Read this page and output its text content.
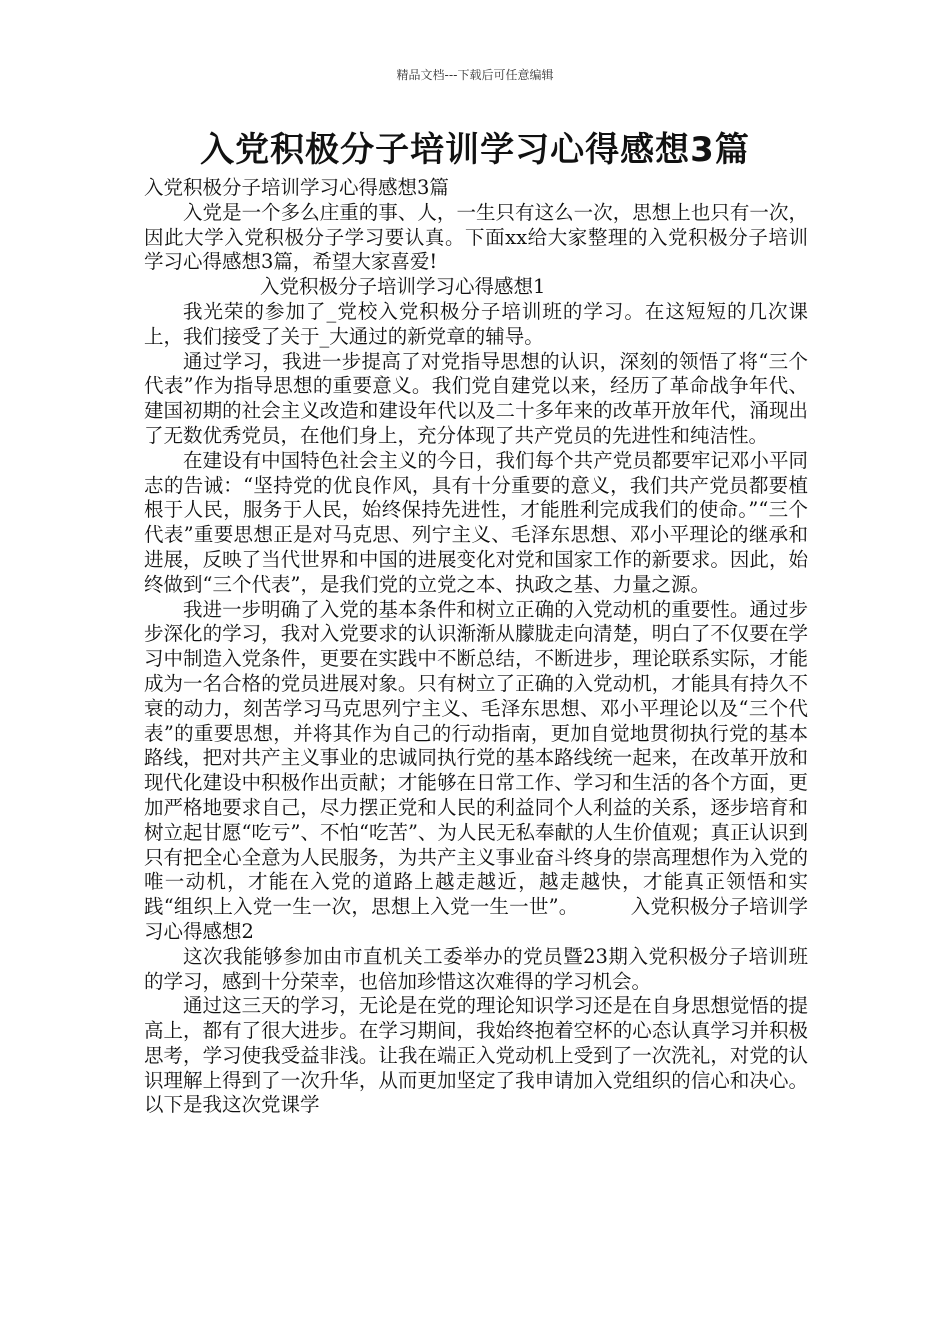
精品文档---下载后可任意编辑
入党积极分子培训学习心得感想3篇

入党积极分子培训学习心得感想3篇

入党是一个多么庄重的事、人，一生只有这么一次，思想上也只有一次，因此大学入党积极分子学习要认真。下面xx给大家整理的入党积极分子培训学习心得感想3篇，希望大家喜爱!

入党积极分子培训学习心得感想1

我光荣的参加了_党校入党积极分子培训班的学习。在这短短的几次课上，我们接受了关于_大通过的新党章的辅导。

通过学习，我进一步提高了对党指导思想的认识，深刻的领悟了将“三个代表”作为指导思想的重要意义。我们党自建党以来，经历了革命战争年代、建国初期的社会主义改造和建设年代以及二十多年来的改革开放年代，涌现出了无数优秀党员，在他们身上，充分体现了共产党员的先进性和纯洁性。

在建设有中国特色社会主义的今日，我们每个共产党员都要牢记邓小平同志的告诫：“坚持党的优良作风，具有十分重要的意义，我们共产党员都要植根于人民，服务于人民，始终保持先进性，才能胜利完成我们的使命。”“三个代表”重要思想正是对马克思、列宁主义、毛泽东思想、邓小平理论的继承和进展，反映了当代世界和中国的进展变化对党和国家工作的新要求。因此，始终做到“三个代表”，是我们党的立党之本、执政之基、力量之源。

我进一步明确了入党的基本条件和树立正确的入党动机的重要性。通过步步深化的学习，我对入党要求的认识渐渐从朦胧走向清楚，明白了不仅要在学习中制造入党条件，更要在实践中不断总结，不断进步，理论联系实际，才能成为一名合格的党员进展对象。只有树立了正确的入党动机，才能具有持久不衰的动力，刻苦学习马克思列宁主义、毛泽东思想、邓小平理论以及“三个代表”的重要思想，并将其作为自己的行动指南，更加自觉地贯彻执行党的基本路线，把对共产主义事业的忠诚同执行党的基本路线统一起来，在改革开放和现代化建设中积极作出贡献；才能够在日常工作、学习和生活的各个方面，更加严格地要求自己，尽力摆正党和人民的利益同个人利益的关系，逐步培育和树立起甘愿“吃亏”、不怕“吃苦”、为人民无私奉献的人生价值观；真正认识到只有把全心全意为人民服务，为共产主义事业奋斗终身的崇高理想作为入党的唯一动机，才能在入党的道路上越走越近，越走越快，才能真正领悟和实践“组织上入党一生一次，思想上入党一生一世”。	入党积极分子培训学习心得感想2

这次我能够参加由市直机关工委举办的党员暨23期入党积极分子培训班的学习，感到十分荣幸，也倍加珍惜这次难得的学习机会。

通过这三天的学习，无论是在党的理论知识学习还是在自身思想觉悟的提高上，都有了很大进步。在学习期间，我始终抱着空杯的心态认真学习并积极思考，学习使我受益非浅。让我在端正入党动机上受到了一次洗礼，对党的认识理解上得到了一次升华，从而更加坚定了我申请加入党组织的信心和决心。以下是我这次党课学
